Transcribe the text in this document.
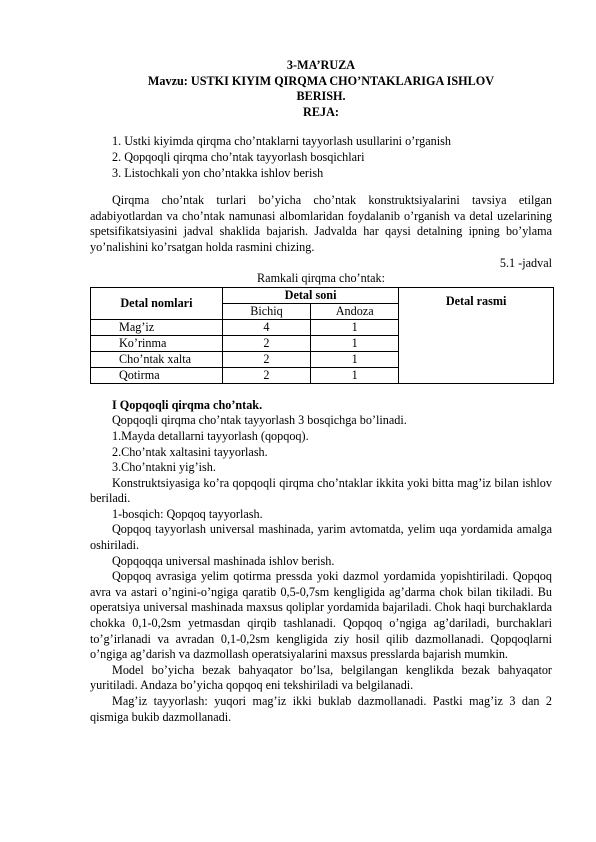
3-MA’RUZA
Mavzu: USTKI KIYIM QIRQMA CHO’NTAKLARIGA ISHLOV
BERISH.
REJA:
1. Ustki kiyimda qirqma cho’ntaklarni tayyorlash usullarini o’rganish
2. Qopqoqli qirqma cho’ntak tayyorlash bosqichlari
3. Listochkali yon cho’ntakka ishlov berish

Qirqma cho’ntak turlari bo’yicha cho’ntak konstruktsiyalarini tavsiya etilgan adabiyotlardan va cho’ntak namunasi albomlaridan foydalanib o’rganish va detal uzelarining spetsifikatsiyasini jadval shaklida bajarish. Jadvalda har qaysi detalning ipning bo’ylama yo’nalishini ko’rsatgan holda rasmini chizing.

5.1 -jadval
Ramkali qirqma cho’ntak:
Detal nomlari	Detal soni		Detal rasmi
	Bichiq	Andoza	
Mag’iz	4	1	
Ko’rinma	2	1	
Cho’ntak xalta	2	1	
Qotirma	2	1	
I Qopqoqli qirqma cho’ntak.
Qopqoqli qirqma cho’ntak tayyorlash 3 bosqichga bo’linadi.
1.Mayda detallarni tayyorlash (qopqoq).
2.Cho’ntak xaltasini tayyorlash.
3.Cho’ntakni yig’ish.

Konstruktsiyasiga ko’ra qopqoqli qirqma cho’ntaklar ikkita yoki bitta mag’iz bilan ishlov beriladi.

1-bosqich: Qopqoq tayyorlash.

Qopqoq tayyorlash universal mashinada, yarim avtomatda, yelim uqa yordamida amalga oshiriladi.

Qopqoqqa universal mashinada ishlov berish.

Qopqoq avrasiga yelim qotirma pressda yoki dazmol yordamida yopishtiriladi. Qopqoq avra va astari o’ngini-o’ngiga qaratib 0,5-0,7sm kengligida ag’darma chok bilan tikiladi. Bu operatsiya universal mashinada maxsus qoliplar yordamida bajariladi. Chok haqi burchaklarda chokka 0,1-0,2sm yetmasdan qirqib tashlanadi. Qopqoq o’ngiga ag’dariladi, burchaklari to’g’irlanadi va avradan 0,1-0,2sm kengligida ziy hosil qilib dazmollanadi. Qopqoqlarni o’ngiga ag’darish va dazmollash operatsiyalarini maxsus presslarda bajarish mumkin.

Model bo’yicha bezak bahyaqator bo’lsa, belgilangan kenglikda bezak bahyaqator yuritiladi. Andaza bo’yicha qopqoq eni tekshiriladi va belgilanadi.

Mag’iz tayyorlash: yuqori mag’iz ikki buklab dazmollanadi. Pastki mag’iz 3 dan 2 qismiga bukib dazmollanadi.
